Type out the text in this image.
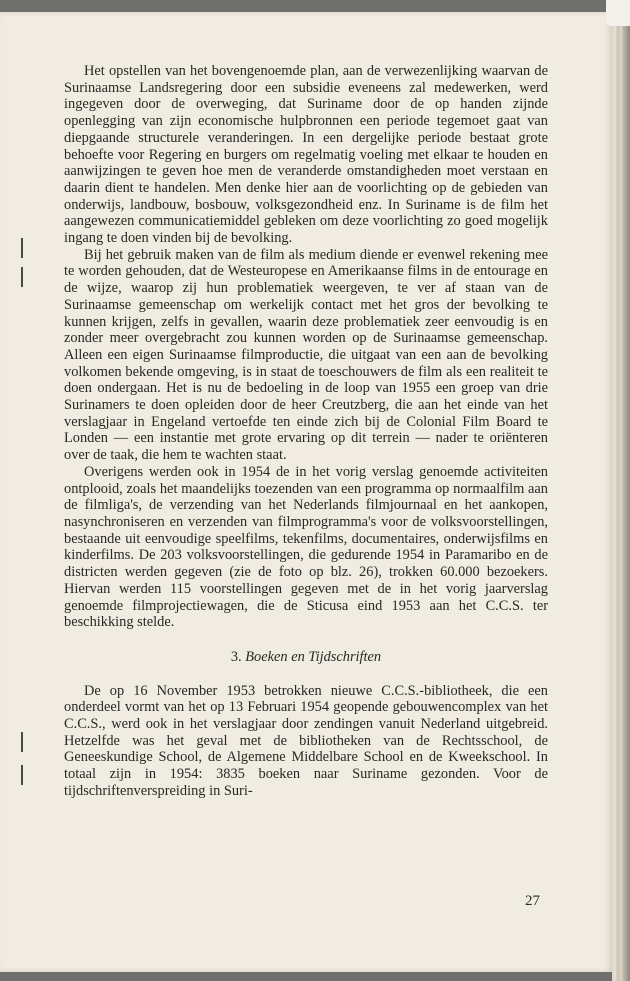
Het opstellen van het bovengenoemde plan, aan de verwezenlijking waarvan de Surinaamse Landsregering door een subsidie eveneens zal medewerken, werd ingegeven door de overweging, dat Suriname door de op handen zijnde openlegging van zijn economische hulpbronnen een periode tegemoet gaat van diepgaande structurele veranderingen. In een dergelijke periode bestaat grote behoefte voor Regering en burgers om regelmatig voeling met elkaar te houden en aanwijzingen te geven hoe men de veranderde omstandigheden moet verstaan en daarin dient te handelen. Men denke hier aan de voorlichting op de gebieden van onderwijs, landbouw, bosbouw, volksgezondheid enz. In Suriname is de film het aangewezen communicatiemiddel gebleken om deze voorlichting zo goed mogelijk ingang te doen vinden bij de bevolking.

Bij het gebruik maken van de film als medium diende er evenwel rekening mee te worden gehouden, dat de Westeuropese en Amerikaanse films in de entourage en de wijze, waarop zij hun problematiek weergeven, te ver af staan van de Surinaamse gemeenschap om werkelijk contact met het gros der bevolking te kunnen krijgen, zelfs in gevallen, waarin deze problematiek zeer eenvoudig is en zonder meer overgebracht zou kunnen worden op de Surinaamse gemeenschap. Alleen een eigen Surinaamse filmproductie, die uitgaat van een aan de bevolking volkomen bekende omgeving, is in staat de toeschouwers de film als een realiteit te doen ondergaan. Het is nu de bedoeling in de loop van 1955 een groep van drie Surinamers te doen opleiden door de heer Creutzberg, die aan het einde van het verslagjaar in Engeland vertoefde ten einde zich bij de Colonial Film Board te Londen — een instantie met grote ervaring op dit terrein — nader te oriënteren over de taak, die hem te wachten staat.

Overigens werden ook in 1954 de in het vorig verslag genoemde activiteiten ontplooid, zoals het maandelijks toezenden van een programma op normaalfilm aan de filmliga's, de verzending van het Nederlands filmjournaal en het aankopen, nasynchroniseren en verzenden van filmprogramma's voor de volksvoorstellingen, bestaande uit eenvoudige speelfilms, tekenfilms, documentaires, onderwijsfilms en kinderfilms. De 203 volksvoorstellingen, die gedurende 1954 in Paramaribo en de districten werden gegeven (zie de foto op blz. 26), trokken 60.000 bezoekers. Hiervan werden 115 voorstellingen gegeven met de in het vorig jaarverslag genoemde filmprojectiewagen, die de Sticusa eind 1953 aan het C.C.S. ter beschikking stelde.

3. Boeken en Tijdschriften

De op 16 November 1953 betrokken nieuwe C.C.S.-bibliotheek, die een onderdeel vormt van het op 13 Februari 1954 geopende gebouwencomplex van het C.C.S., werd ook in het verslagjaar door zendingen vanuit Nederland uitgebreid. Hetzelfde was het geval met de bibliotheken van de Rechtsschool, de Geneeskundige School, de Algemene Middelbare School en de Kweekschool. In totaal zijn in 1954: 3835 boeken naar Suriname gezonden. Voor de tijdschriftenverspreiding in Suri-

27
